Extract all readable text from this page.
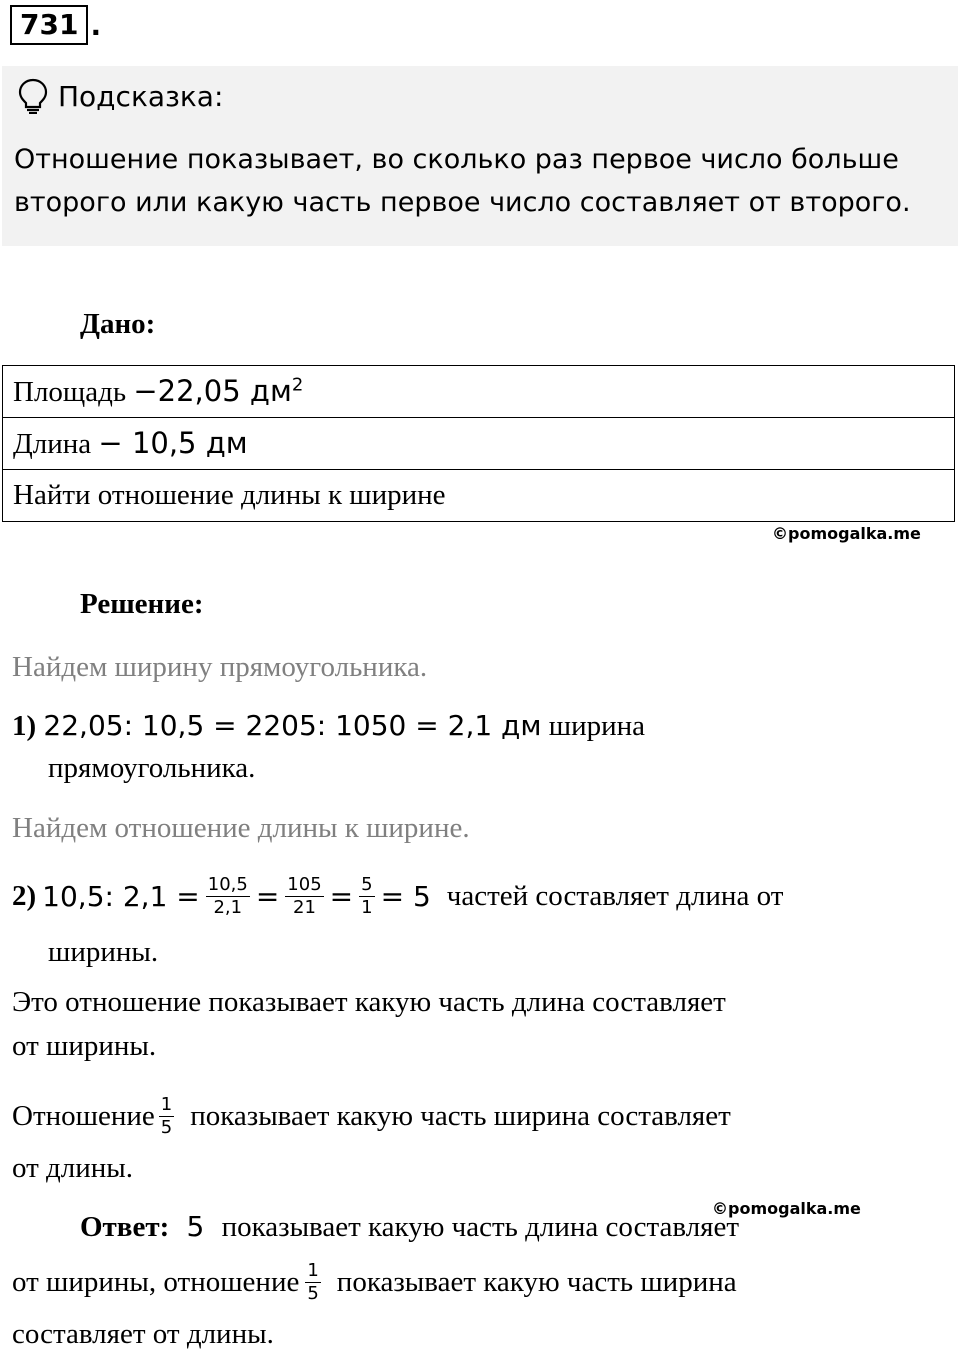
731 .
Подсказка:
Отношение показывает, во сколько раз первое число больше второго или какую часть первое число составляет от второго.
Дано:
Площадь −22,05 $дм^2$
Длина − 10,5 дм
Найти отношение длины к ширине
©pomogalka.me
Решение:
Найдем ширину прямоугольника.
1) 22,05: 10,5 = 2205: 1050 = 2,1 дм ширина
прямоугольника.
Найдем отношение длины к ширине.
2) 10,5: $2,1 = \frac{10,5}{2,1} = \frac{105}{21} = \frac{5}{1} = 5$ частей составляет длина от
ширины.
Это отношение показывает какую часть длина составляет
от ширины.
Отношение $\frac{1}{5}$ показывает какую часть ширина составляет
от длины.
©pomogalka.me
Ответ: 5 показывает какую часть длина составляет
от ширины, отношение $\frac{1}{5}$ показывает какую часть ширина
составляет от длины.
